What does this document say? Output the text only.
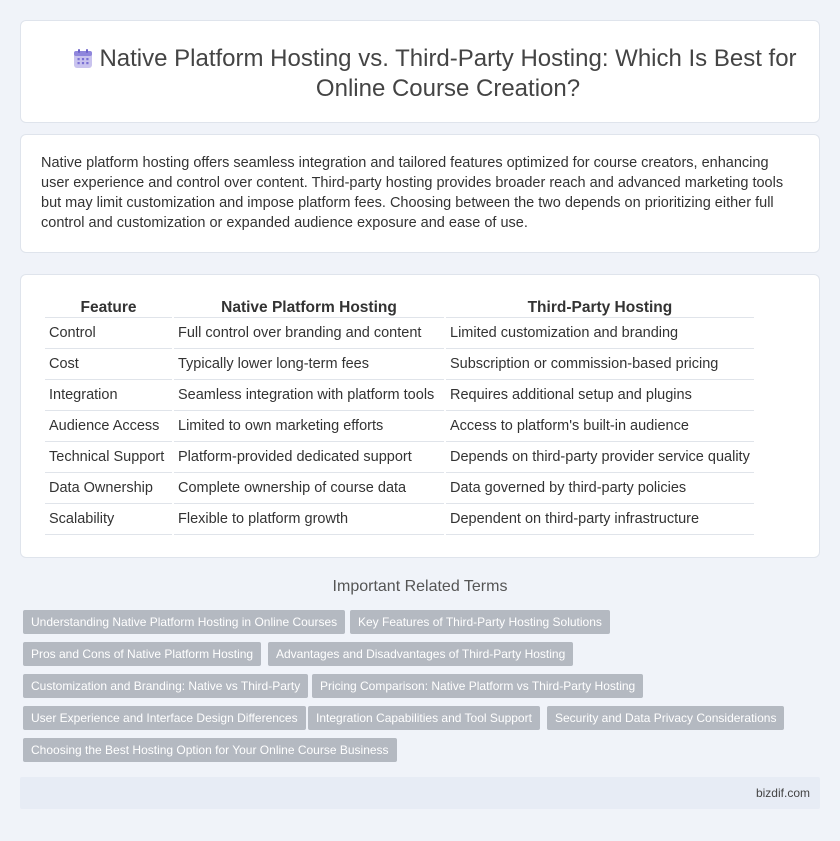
Native Platform Hosting vs. Third-Party Hosting: Which Is Best for Online Course Creation?

Native platform hosting offers seamless integration and tailored features optimized for course creators, enhancing user experience and control over content. Third-party hosting provides broader reach and advanced marketing tools but may limit customization and impose platform fees. Choosing between the two depends on prioritizing either full control and customization or expanded audience exposure and ease of use.

Feature	Native Platform Hosting	Third-Party Hosting
Control	Full control over branding and content	Limited customization and branding
Cost	Typically lower long-term fees	Subscription or commission-based pricing
Integration	Seamless integration with platform tools	Requires additional setup and plugins
Audience Access	Limited to own marketing efforts	Access to platform's built-in audience
Technical Support	Platform-provided dedicated support	Depends on third-party provider service quality
Data Ownership	Complete ownership of course data	Data governed by third-party policies
Scalability	Flexible to platform growth	Dependent on third-party infrastructure
Important Related Terms
Understanding Native Platform Hosting in Online Courses	Key Features of Third-Party Hosting Solutions
Pros and Cons of Native Platform Hosting	Advantages and Disadvantages of Third-Party Hosting
Customization and Branding: Native vs Third-Party	Pricing Comparison: Native Platform vs Third-Party Hosting
User Experience and Interface Design Differences	Integration Capabilities and Tool Support	Security and Data Privacy Considerations
Choosing the Best Hosting Option for Your Online Course Business
bizdif.com
